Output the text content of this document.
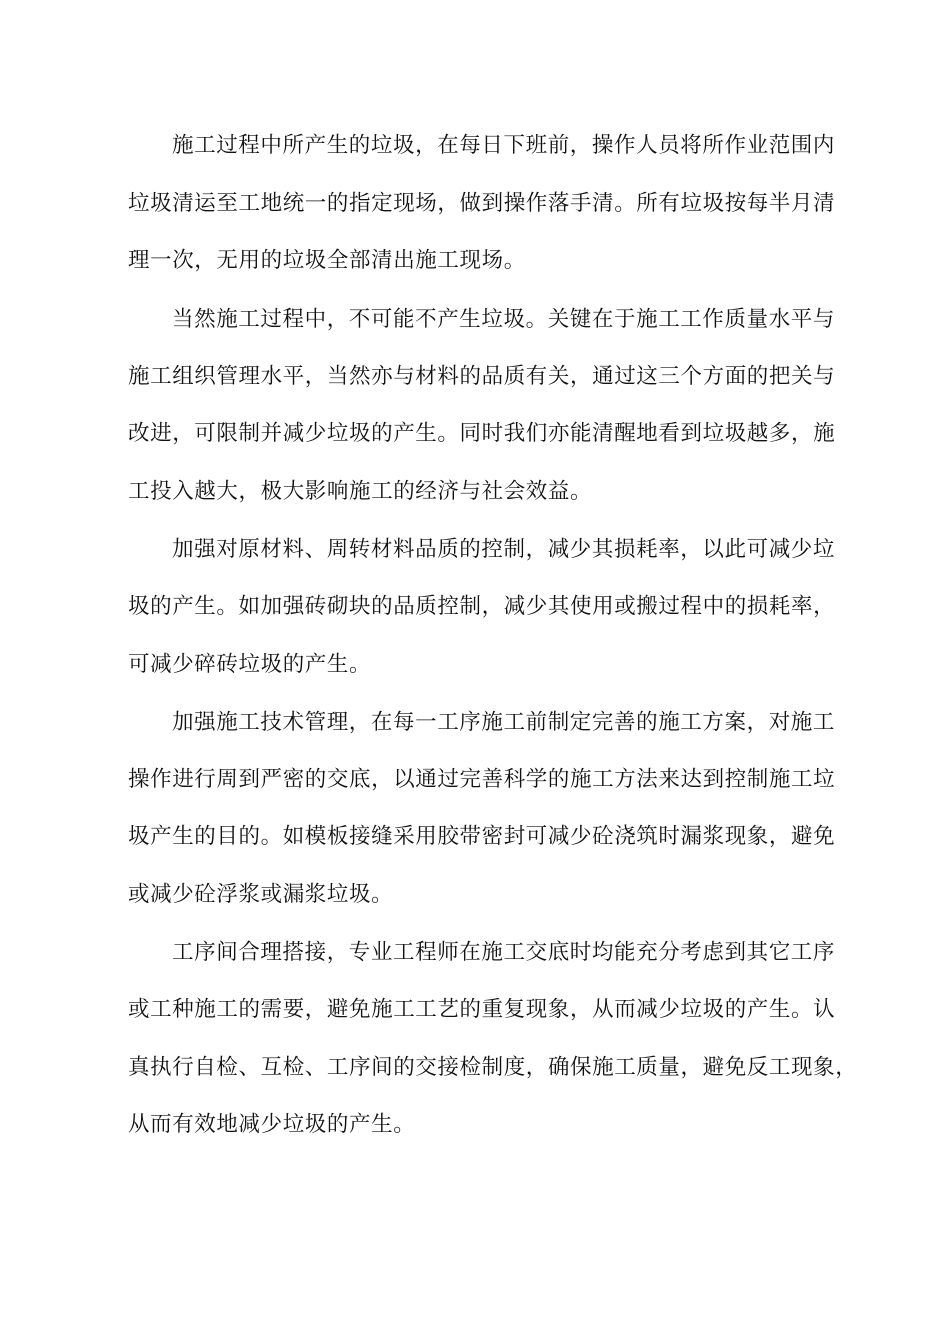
施工过程中所产生的垃圾，在每日下班前，操作人员将所作业范围内
垃圾清运至工地统一的指定现场，做到操作落手清。所有垃圾按每半月清
理一次，无用的垃圾全部清出施工现场。
当然施工过程中，不可能不产生垃圾。关键在于施工工作质量水平与
施工组织管理水平，当然亦与材料的品质有关，通过这三个方面的把关与
改进，可限制并减少垃圾的产生。同时我们亦能清醒地看到垃圾越多，施
工投入越大，极大影响施工的经济与社会效益。
加强对原材料、周转材料品质的控制，减少其损耗率，以此可减少垃
圾的产生。如加强砖砌块的品质控制，减少其使用或搬过程中的损耗率，
可减少碎砖垃圾的产生。
加强施工技术管理，在每一工序施工前制定完善的施工方案，对施工
操作进行周到严密的交底，以通过完善科学的施工方法来达到控制施工垃
圾产生的目的。如模板接缝采用胶带密封可减少砼浇筑时漏浆现象，避免
或减少砼浮浆或漏浆垃圾。
工序间合理搭接，专业工程师在施工交底时均能充分考虑到其它工序
或工种施工的需要，避免施工工艺的重复现象，从而减少垃圾的产生。认
真执行自检、互检、工序间的交接检制度，确保施工质量，避免反工现象，
从而有效地减少垃圾的产生。
